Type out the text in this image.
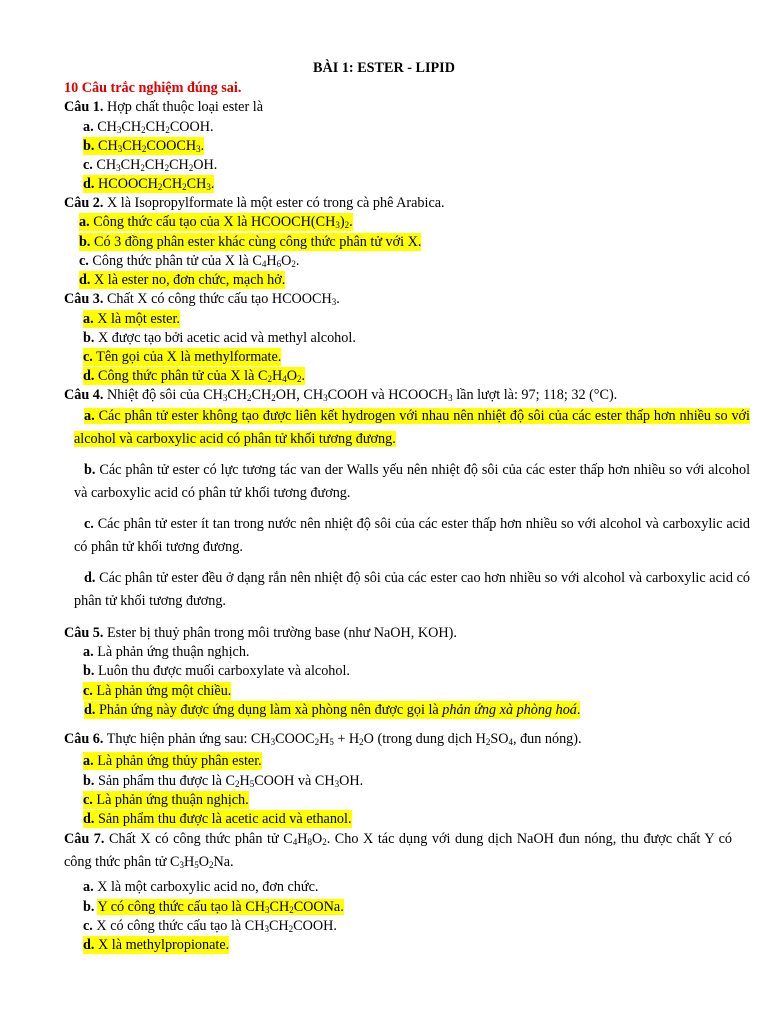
BÀI 1: ESTER - LIPID
10 Câu trắc nghiệm đúng sai.
Câu 1. Hợp chất thuộc loại ester là
a. $CH_3CH_2CH_2COOH$.
b. $CH_3CH_2COOCH_3$.
c. $CH_3CH_2CH_2CH_2OH$.
d. $HCOOCH_2CH_2CH_3$.
Câu 2. X là Isopropylformate là một ester có trong cà phê Arabica.
a. Công thức cấu tạo của X là $HCOOCH(CH_3)_2$.
b. Có 3 đồng phân ester khác cùng công thức phân tử với X.
c. Công thức phân tử của X là $C_4H_6O_2$.
d. X là ester no, đơn chức, mạch hở.
Câu 3. Chất X có công thức cấu tạo $HCOOCH_3$.
a. X là một ester.
b. X được tạo bởi acetic acid và methyl alcohol.
c. Tên gọi của X là methylformate.
d. Công thức phân tử của X là $C_2H_4O_2$.
Câu 4. Nhiệt độ sôi của $CH_3CH_2CH_2OH$, $CH_3COOH$ và $HCOOCH_3$ lần lượt là: 97; 118; 32 (°C).
a. Các phân tử ester không tạo được liên kết hydrogen với nhau nên nhiệt độ sôi của các ester thấp hơn nhiều so với alcohol và carboxylic acid có phân tử khối tương đương.
b. Các phân tử ester có lực tương tác van der Walls yếu nên nhiệt độ sôi của các ester thấp hơn nhiều so với alcohol và carboxylic acid có phân tử khối tương đương.
c. Các phân tử ester ít tan trong nước nên nhiệt độ sôi của các ester thấp hơn nhiều so với alcohol và carboxylic acid có phân tử khối tương đương.
d. Các phân tử ester đều ở dạng rắn nên nhiệt độ sôi của các ester cao hơn nhiều so với alcohol và carboxylic acid có phân tử khối tương đương.
Câu 5. Ester bị thuỷ phân trong môi trường base (như NaOH, KOH).
a. Là phản ứng thuận nghịch.
b. Luôn thu được muối carboxylate và alcohol.
c. Là phản ứng một chiều.
d. Phản ứng này được ứng dụng làm xà phòng nên được gọi là phản ứng xà phòng hoá.
Câu 6. Thực hiện phản ứng sau: $CH_3COOC_2H_5 + H_2O$ (trong dung dịch $H_2SO_4$, đun nóng).
a. Là phản ứng thủy phân ester.
b. Sản phẩm thu được là $C_2H_5COOH$ và $CH_3OH$.
c. Là phản ứng thuận nghịch.
d. Sản phẩm thu được là acetic acid và ethanol.
Câu 7. Chất X có công thức phân tử $C_4H_8O_2$. Cho X tác dụng với dung dịch NaOH đun nóng, thu được chất Y có công thức phân tử $C_3H_5O_2Na$.
a. X là một carboxylic acid no, đơn chức.
b. Y có công thức cấu tạo là $CH_3CH_2COONa$.
c. X có công thức cấu tạo là $CH_3CH_2COOH$.
d. X là methylpropionate.
